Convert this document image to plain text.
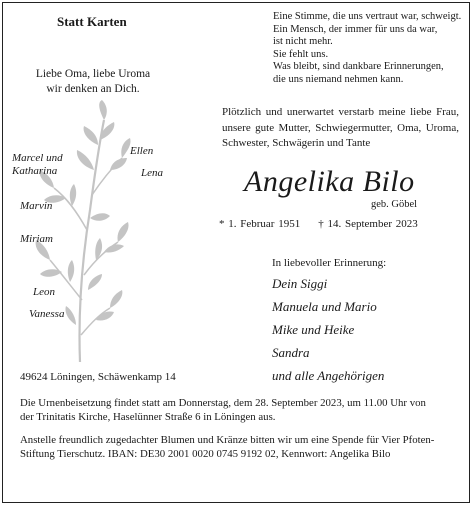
Statt Karten	Eine Stimme, die uns vertraut war, schweigt.
Ein Mensch, der immer für uns da war,
ist nicht mehr.
Sie fehlt uns.
Was bleibt, sind dankbare Erinnerungen,
die uns niemand nehmen kann.
Liebe Oma, liebe Uroma
wir denken an Dich.
Marcel und
Katharina
Ellen
Lena
Marvin
Miriam
Leon
Vanessa
Plötzlich und unerwartet verstarb meine liebe Frau,
unsere gute Mutter, Schwiegermutter, Oma, Uroma,
Schwester, Schwägerin und Tante
Angelika Bilo
geb. Göbel
* 1. Februar 1951 † 14. September 2023
In liebevoller Erinnerung:
Dein Siggi
Manuela und Mario
Mike und Heike
Sandra
und alle Angehörigen
49624 Löningen, Schäwenkamp 14
Die Urnenbeisetzung findet statt am Donnerstag, dem 28. September 2023, um 11.00 Uhr von
der Trinitatis Kirche, Haselünner Straße 6 in Löningen aus.
Anstelle freundlich zugedachter Blumen und Kränze bitten wir um eine Spende für Vier Pfoten-
Stiftung Tierschutz. IBAN: DE30 2001 0020 0745 9192 02, Kennwort: Angelika Bilo
